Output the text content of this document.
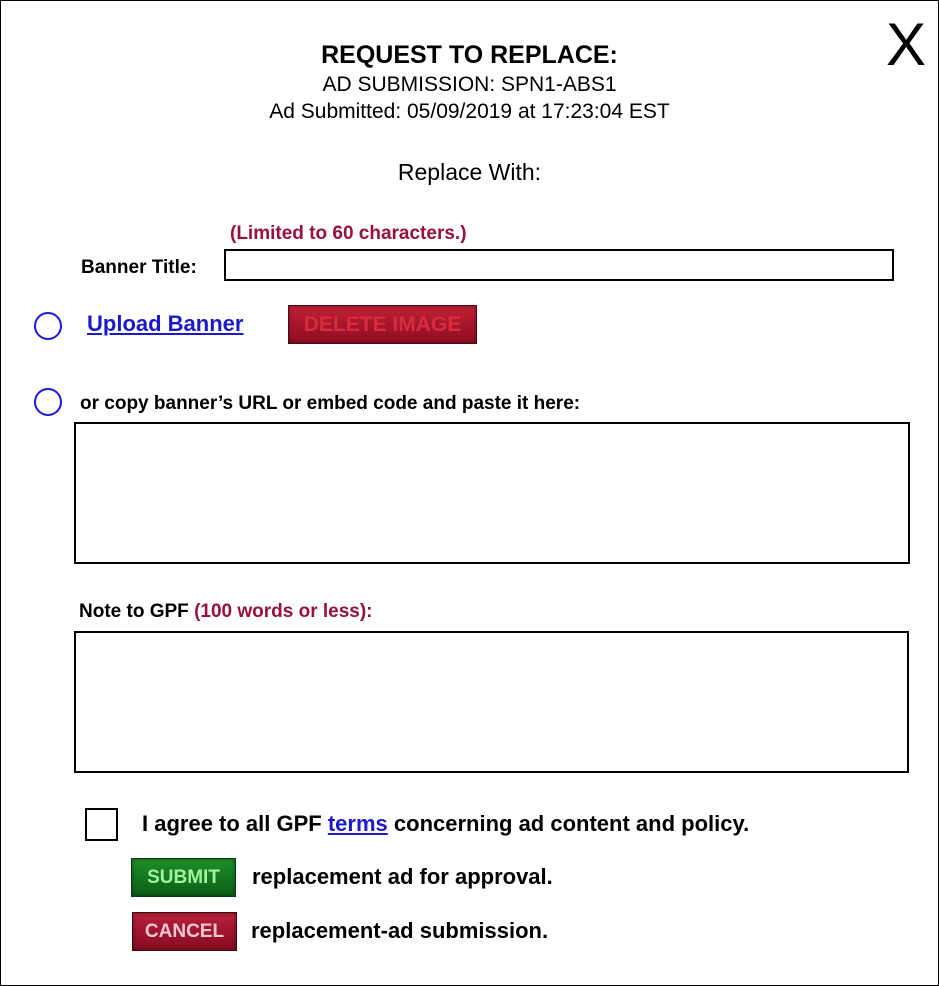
X
REQUEST TO REPLACE:
AD SUBMISSION: SPN1-ABS1
Ad Submitted: 05/09/2019 at 17:23:04 EST
Replace With:
(Limited to 60 characters.)
Banner Title:
Upload Banner	DELETE IMAGE
or copy banner’s URL or embed code and paste it here:
Note to GPF (100 words or less):
I agree to all GPF terms concerning ad content and policy.
SUBMIT	replacement ad for approval.
CANCEL	replacement-ad submission.
